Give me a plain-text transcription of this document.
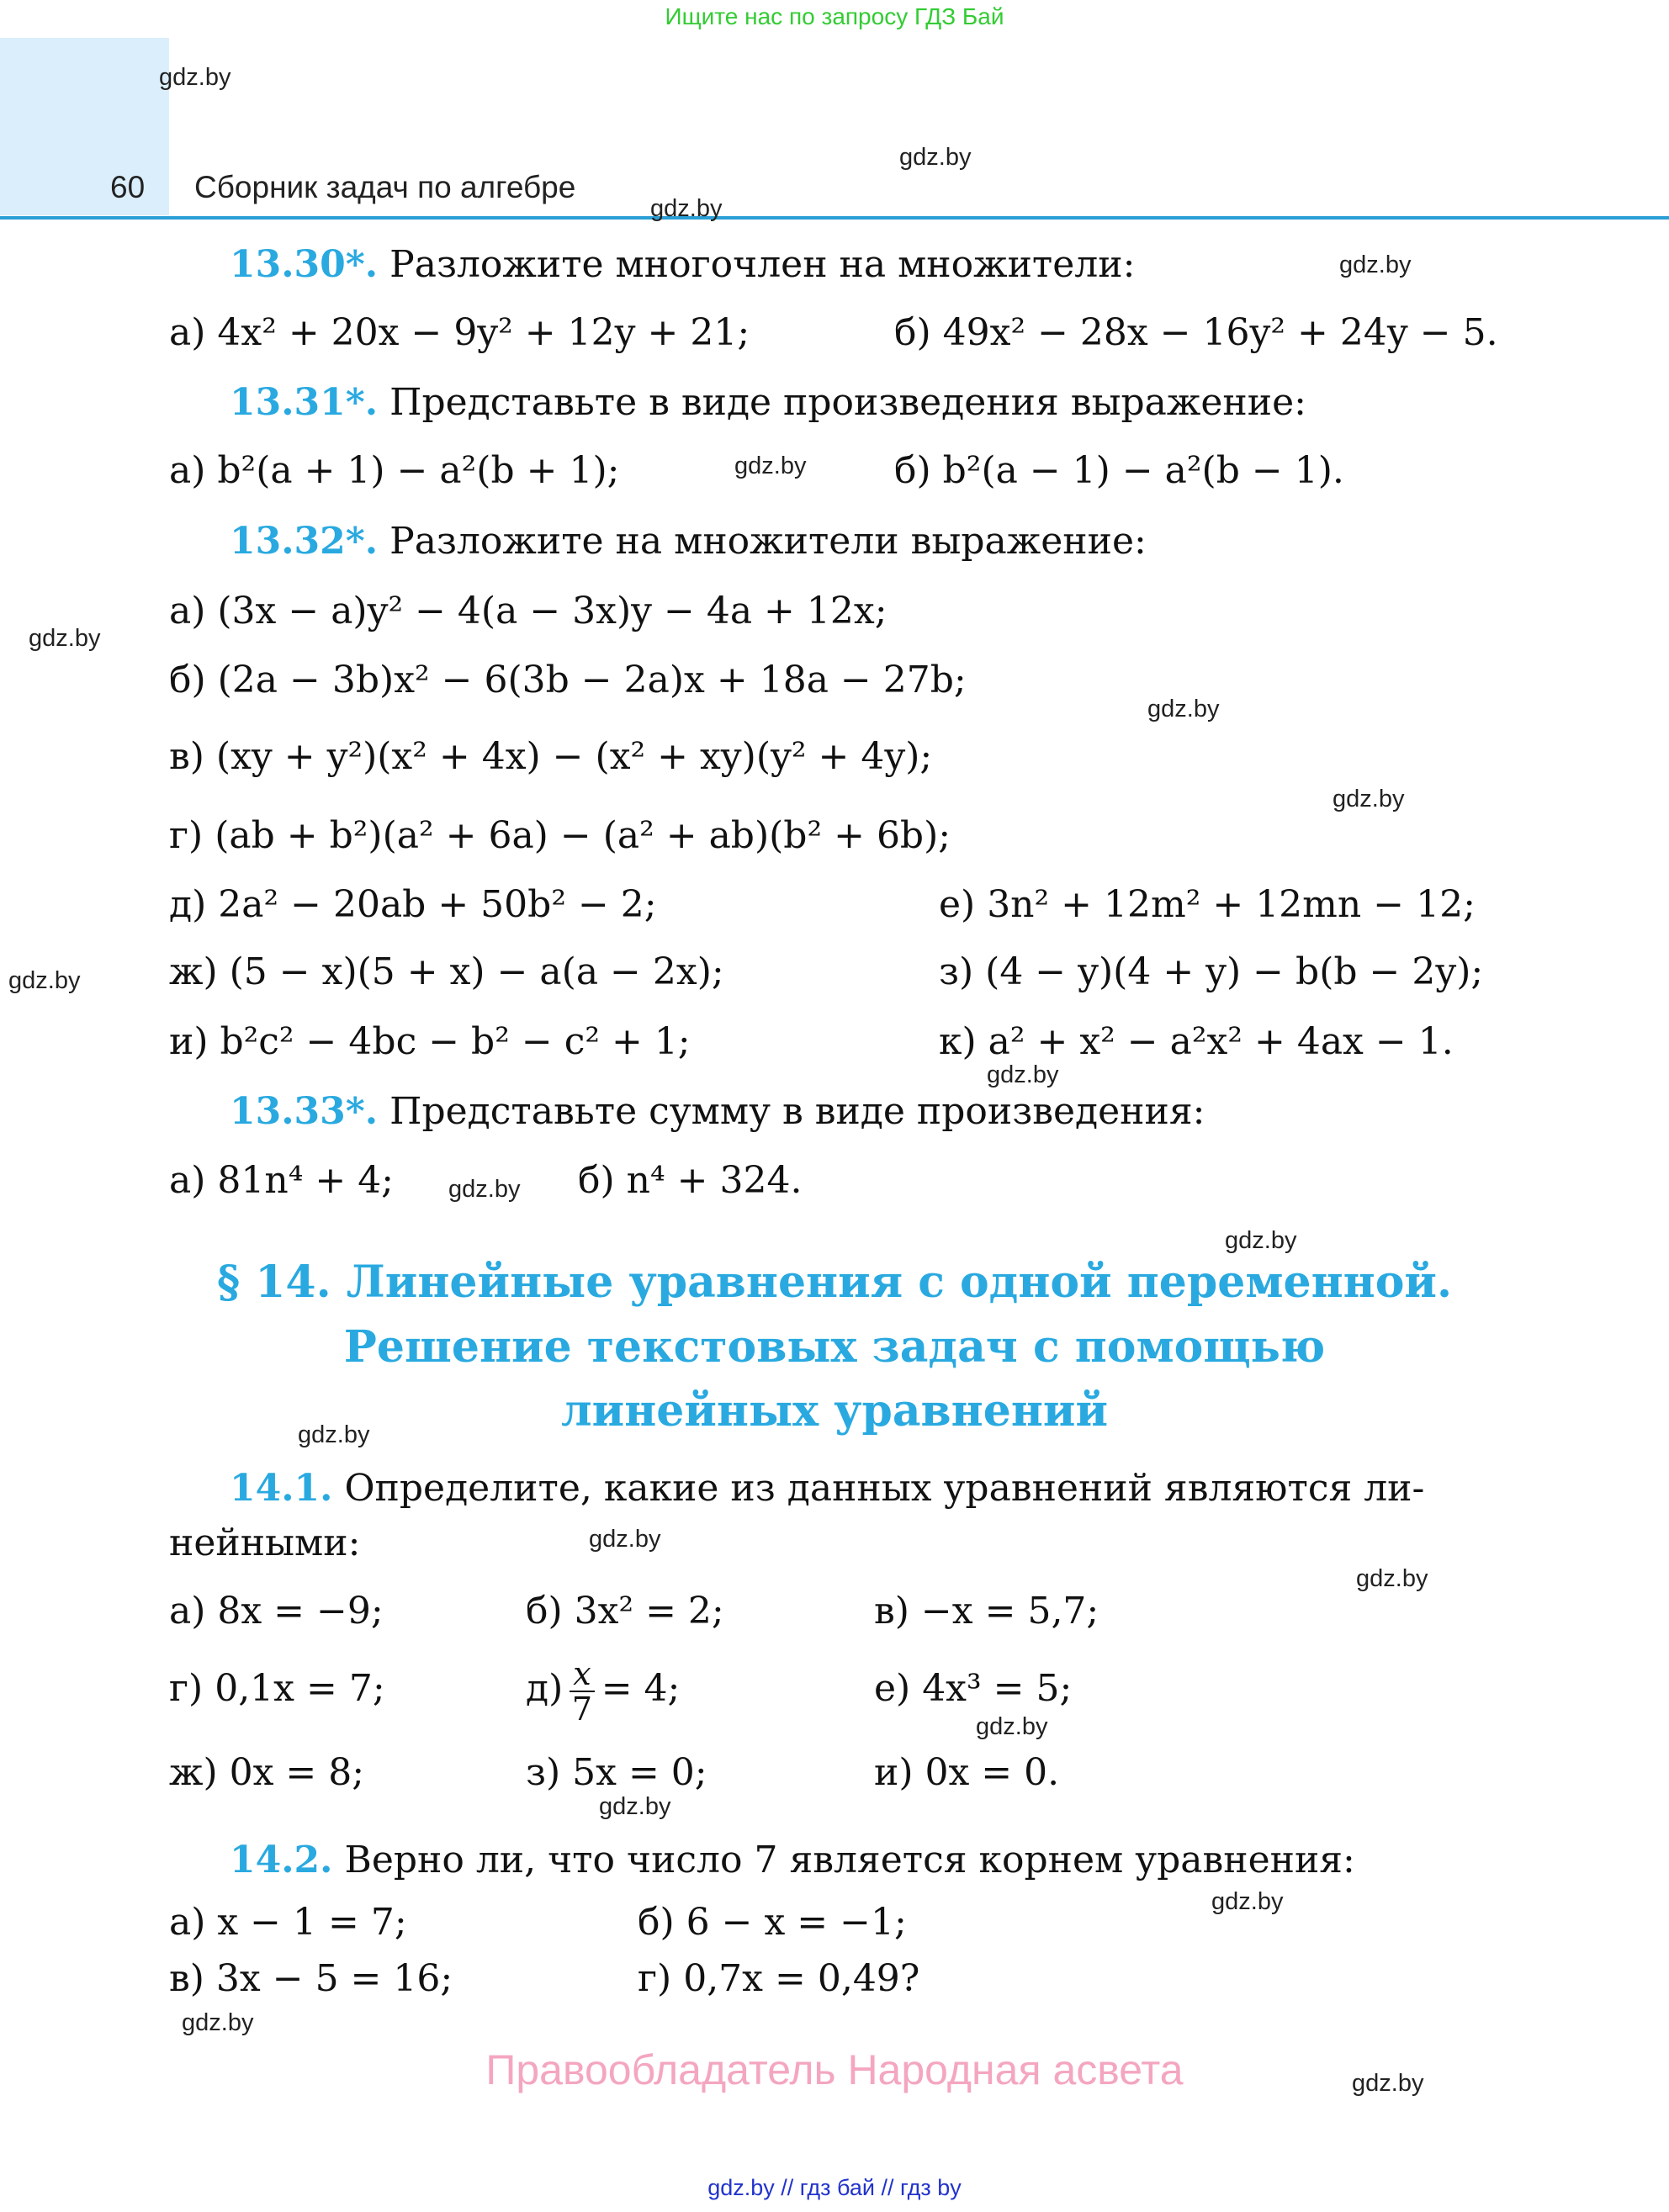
Ищите нас по запросу ГДЗ Бай
60 Сборник задач по алгебре
gdz.by
gdz.by
gdz.by
gdz.by
gdz.by
gdz.by
gdz.by
gdz.by
gdz.by
gdz.by
gdz.by
gdz.by
gdz.by
gdz.by
gdz.by
gdz.by
gdz.by
gdz.by
gdz.by
gdz.by
13.30*. Разложите многочлен на множители:
а) 4x² + 20x − 9y² + 12y + 21;	б) 49x² − 28x − 16y² + 24y − 5.
13.31*. Представьте в виде произведения выражение:
а) b²(a + 1) − a²(b + 1);	б) b²(a − 1) − a²(b − 1).
13.32*. Разложите на множители выражение:
а) (3x − a)y² − 4(a − 3x)y − 4a + 12x;
б) (2a − 3b)x² − 6(3b − 2a)x + 18a − 27b;
в) (xy + y²)(x² + 4x) − (x² + xy)(y² + 4y);
г) (ab + b²)(a² + 6a) − (a² + ab)(b² + 6b);
д) 2a² − 20ab + 50b² − 2;	е) 3n² + 12m² + 12mn − 12;
ж) (5 − x)(5 + x) − a(a − 2x);	з) (4 − y)(4 + y) − b(b − 2y);
и) b²c² − 4bc − b² − c² + 1;	к) a² + x² − a²x² + 4ax − 1.
13.33*. Представьте сумму в виде произведения:
а) 81n⁴ + 4;	б) n⁴ + 324.
§ 14. Линейные уравнения с одной переменной.
Решение текстовых задач с помощью
линейных уравнений
14.1. Определите, какие из данных уравнений являются ли-
нейными:
а) 8x = −9;	б) 3x² = 2;	в) −x = 5,7;
г) 0,1x = 7;	$д) \frac{x}{7} = 4$;	е) 4x³ = 5;
ж) 0x = 8;	з) 5x = 0;	и) 0x = 0.
14.2. Верно ли, что число 7 является корнем уравнения:
а) x − 1 = 7;	б) 6 − x = −1;
в) 3x − 5 = 16;	г) 0,7x = 0,49?
Правообладатель Народная асвета
gdz.by // гдз бай // гдз by
